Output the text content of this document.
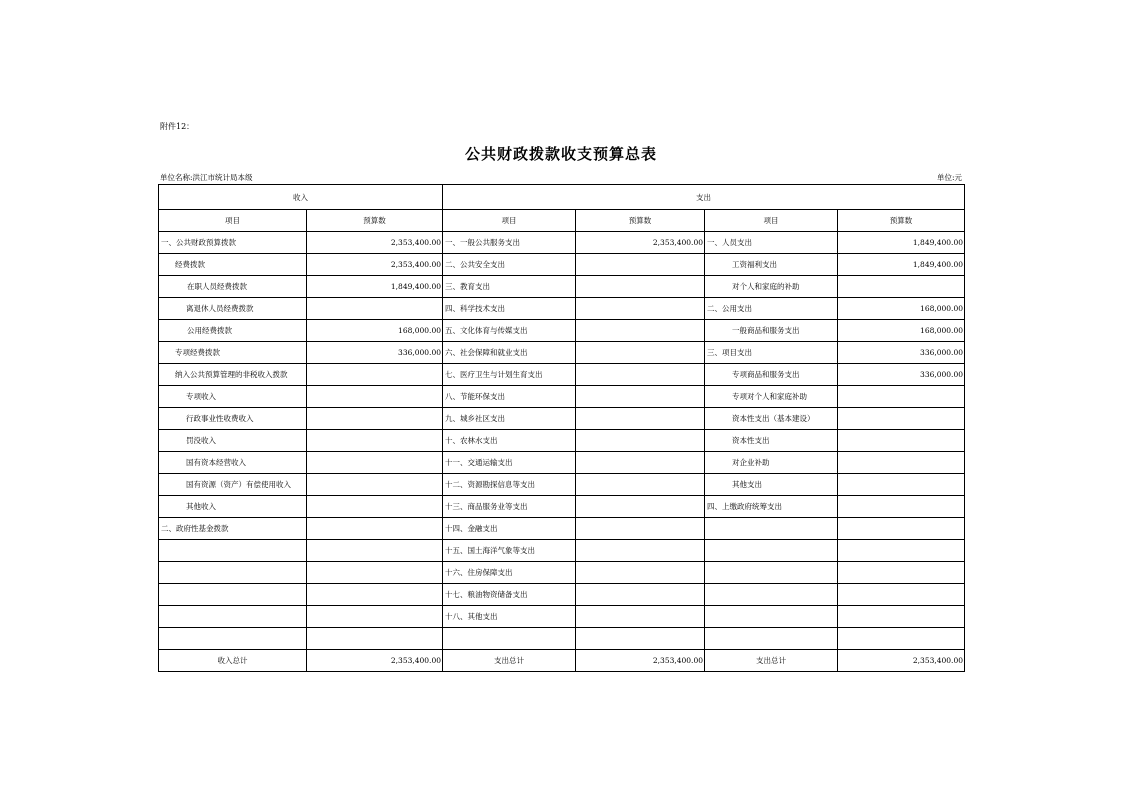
附件12：
公共财政拨款收支预算总表
单位名称:洪江市统计局本级	单位:元
收入		支出			
项目	预算数	项目	预算数	项目	预算数
一、公共财政预算拨款	2,353,400.00	一、一般公共服务支出	2,353,400.00	一、人员支出	1,849,400.00
经费拨款	2,353,400.00	二、公共安全支出		工资福利支出	1,849,400.00
在职人员经费拨款	1,849,400.00	三、教育支出		对个人和家庭的补助	
离退休人员经费拨款		四、科学技术支出		二、公用支出	168,000.00
公用经费拨款	168,000.00	五、文化体育与传媒支出		一般商品和服务支出	168,000.00
专项经费拨款	336,000.00	六、社会保障和就业支出		三、项目支出	336,000.00
纳入公共预算管理的非税收入拨款		七、医疗卫生与计划生育支出		专项商品和服务支出	336,000.00
专项收入		八、节能环保支出		专项对个人和家庭补助	
行政事业性收费收入		九、城乡社区支出		资本性支出（基本建设）	
罚没收入		十、农林水支出		资本性支出	
国有资本经营收入		十一、交通运输支出		对企业补助	
国有资源（资产）有偿使用收入		十二、资源勘探信息等支出		其他支出	
其他收入		十三、商品服务业等支出		四、上缴政府统筹支出	
二、政府性基金拨款		十四、金融支出			
		十五、国土海洋气象等支出			
		十六、住房保障支出			
		十七、粮油物资储备支出			
		十八、其他支出			

收入总计	2,353,400.00	支出总计	2,353,400.00	支出总计	2,353,400.00
